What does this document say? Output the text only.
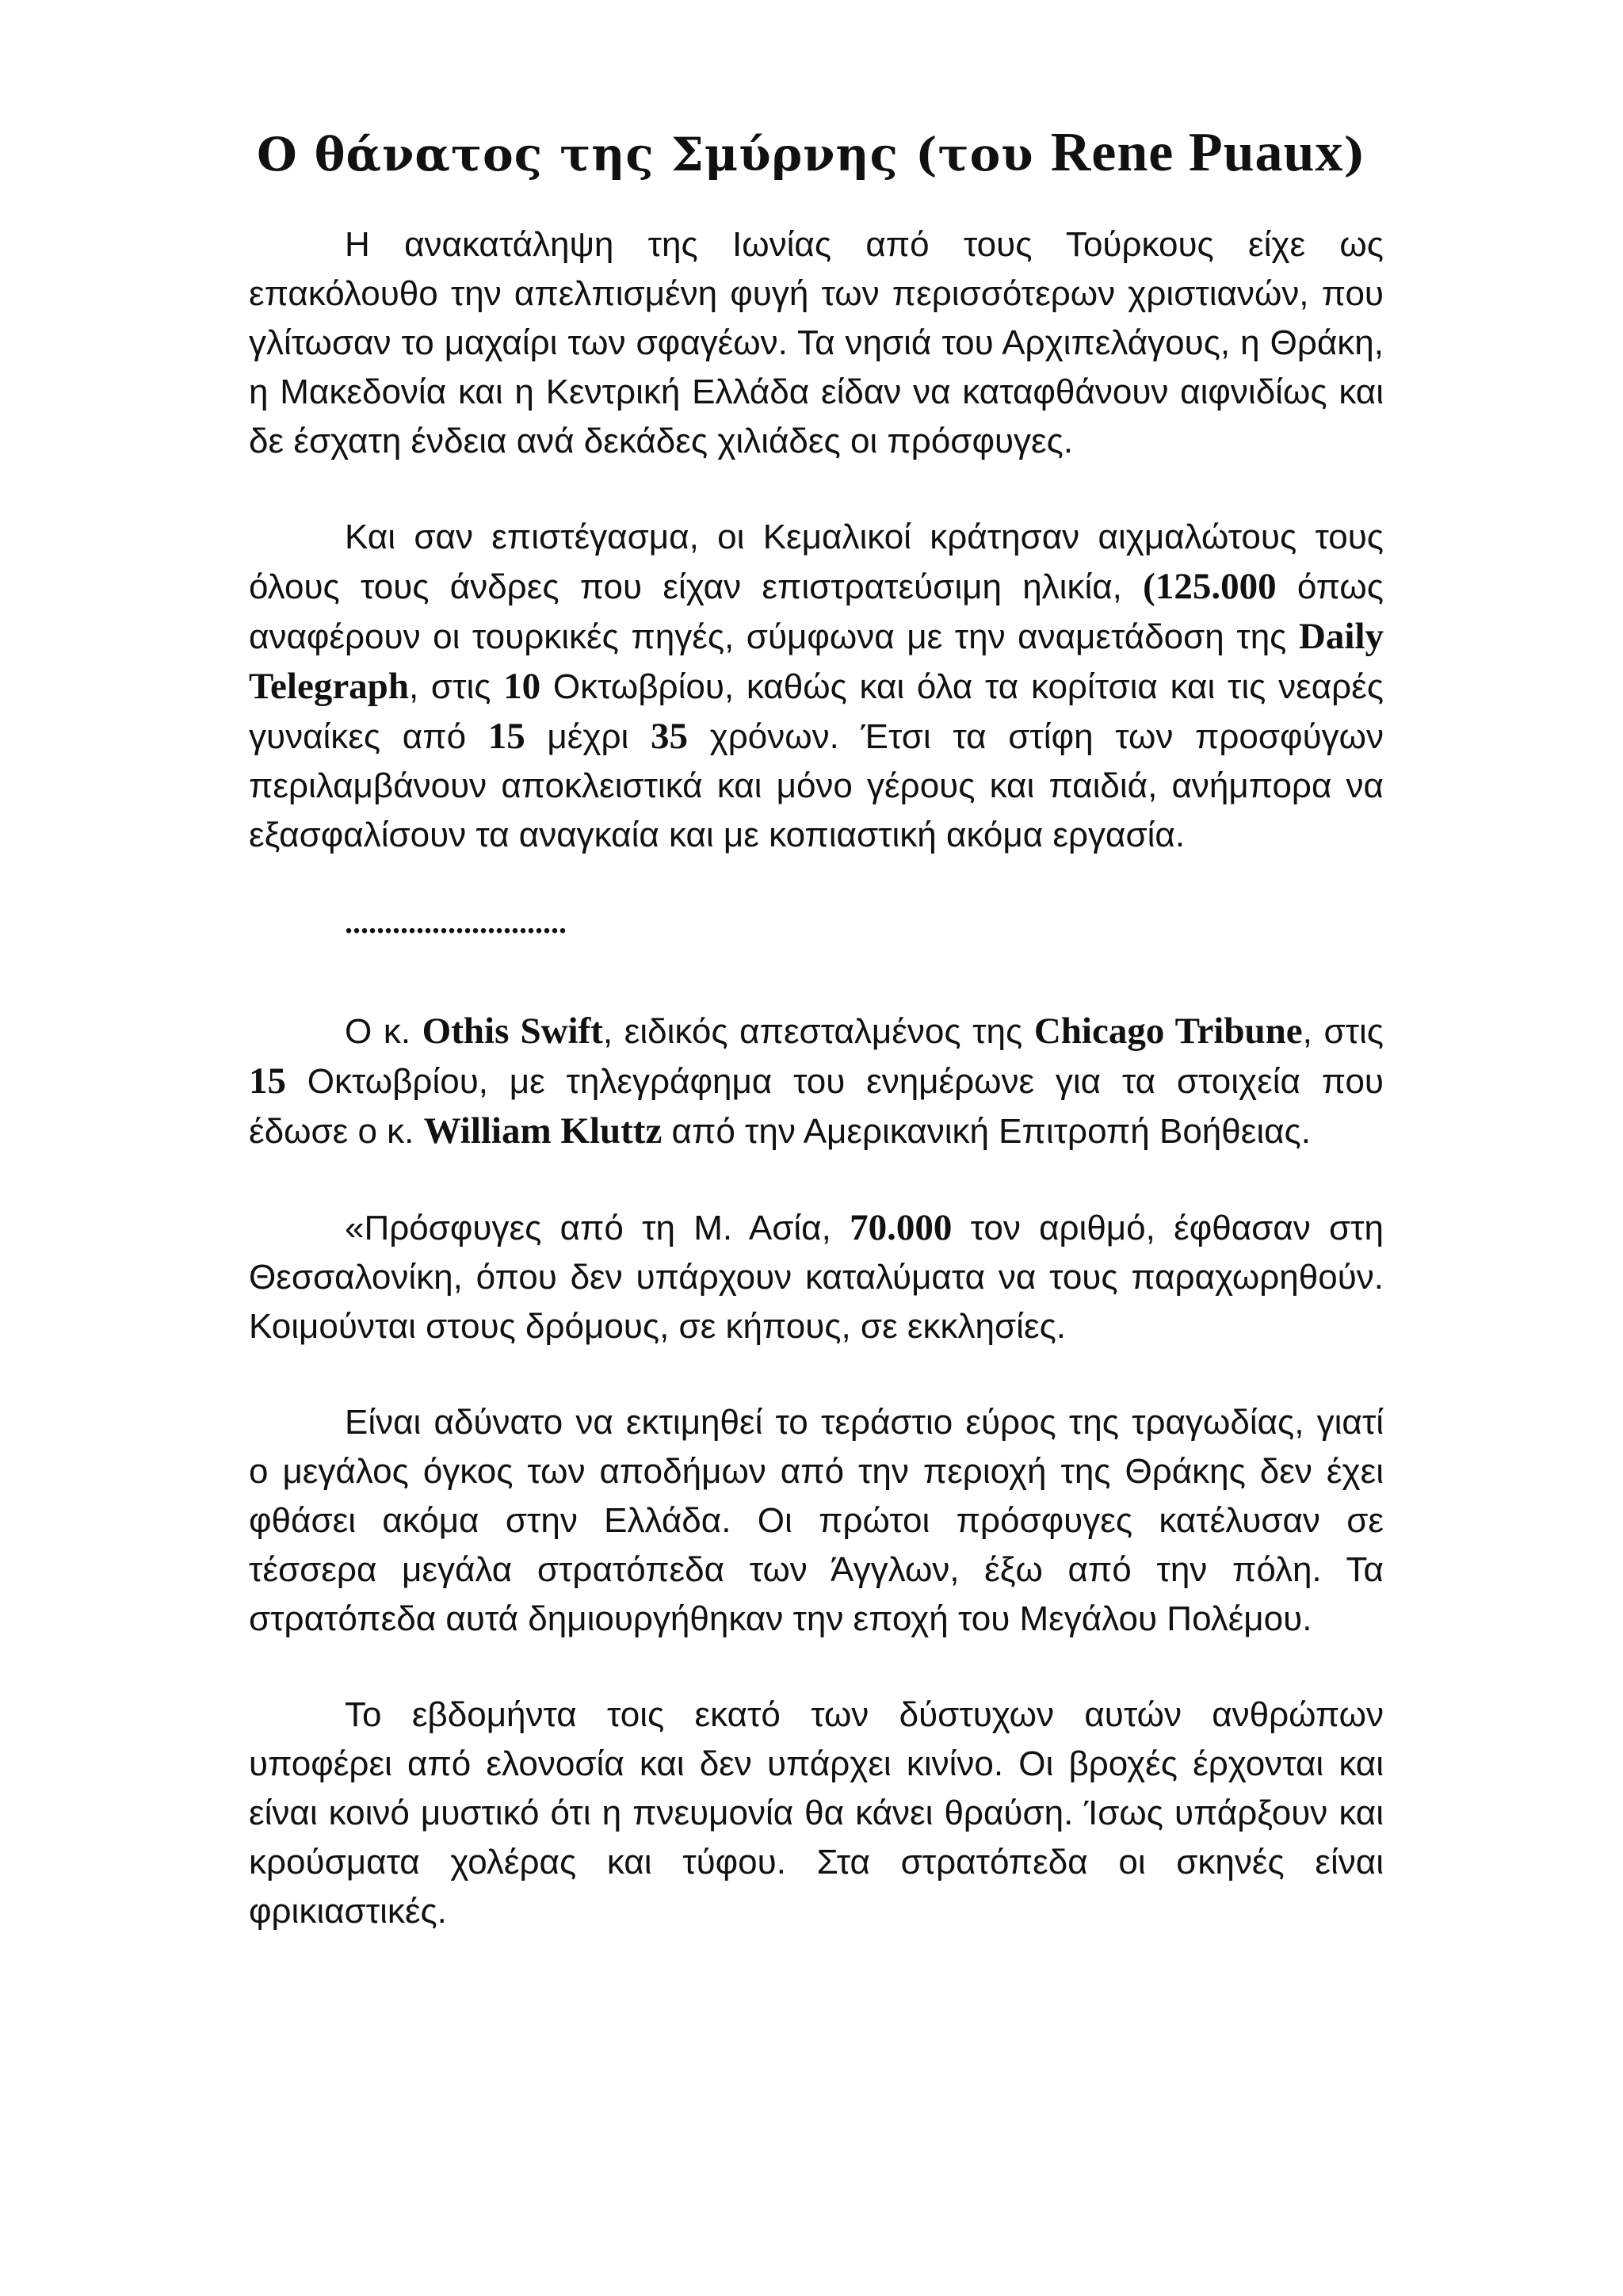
Ο θάνατος της Σμύρνης (του Rene Puaux)

Η ανακατάληψη της Ιωνίας από τους Τούρκους είχε ως επακόλουθο την απελπισμένη φυγή των περισσότερων χριστιανών, που γλίτωσαν το μαχαίρι των σφαγέων. Τα νησιά του Αρχιπελάγους, η Θράκη, η Μακεδονία και η Κεντρική Ελλάδα είδαν να καταφθάνουν αιφνιδίως και δε έσχατη ένδεια ανά δεκάδες χιλιάδες οι πρόσφυγες.

Και σαν επιστέγασμα, οι Κεμαλικοί κράτησαν αιχμαλώτους τους όλους τους άνδρες που είχαν επιστρατεύσιμη ηλικία, (125.000 όπως αναφέρουν οι τουρκικές πηγές, σύμφωνα με την αναμετάδοση της Daily Telegraph, στις 10 Οκτωβρίου, καθώς και όλα τα κορίτσια και τις νεαρές γυναίκες από 15 μέχρι 35 χρόνων. Έτσι τα στίφη των προσφύγων περιλαμβάνουν αποκλειστικά και μόνο γέρους και παιδιά, ανήμπορα να εξασφαλίσουν τα αναγκαία και με κοπιαστική ακόμα εργασία.

............................

Ο κ. Othis Swift, ειδικός απεσταλμένος της Chicago Tribune, στις 15 Οκτωβρίου, με τηλεγράφημα του ενημέρωνε για τα στοιχεία που έδωσε ο κ. William Kluttz από την Αμερικανική Επιτροπή Βοήθειας.

«Πρόσφυγες από τη Μ. Ασία, 70.000 τον αριθμό, έφθασαν στη Θεσσαλονίκη, όπου δεν υπάρχουν καταλύματα να τους παραχωρηθούν. Κοιμούνται στους δρόμους, σε κήπους, σε εκκλησίες.

Είναι αδύνατο να εκτιμηθεί το τεράστιο εύρος της τραγωδίας, γιατί ο μεγάλος όγκος των αποδήμων από την περιοχή της Θράκης δεν έχει φθάσει ακόμα στην Ελλάδα. Οι πρώτοι πρόσφυγες κατέλυσαν σε τέσσερα μεγάλα στρατόπεδα των Άγγλων, έξω από την πόλη. Τα στρατόπεδα αυτά δημιουργήθηκαν την εποχή του Μεγάλου Πολέμου.

Το εβδομήντα τοις εκατό των δύστυχων αυτών ανθρώπων υποφέρει από ελονοσία και δεν υπάρχει κινίνο. Οι βροχές έρχονται και είναι κοινό μυστικό ότι η πνευμονία θα κάνει θραύση. Ίσως υπάρξουν και κρούσματα χολέρας και τύφου. Στα στρατόπεδα οι σκηνές είναι φρικιαστικές.
